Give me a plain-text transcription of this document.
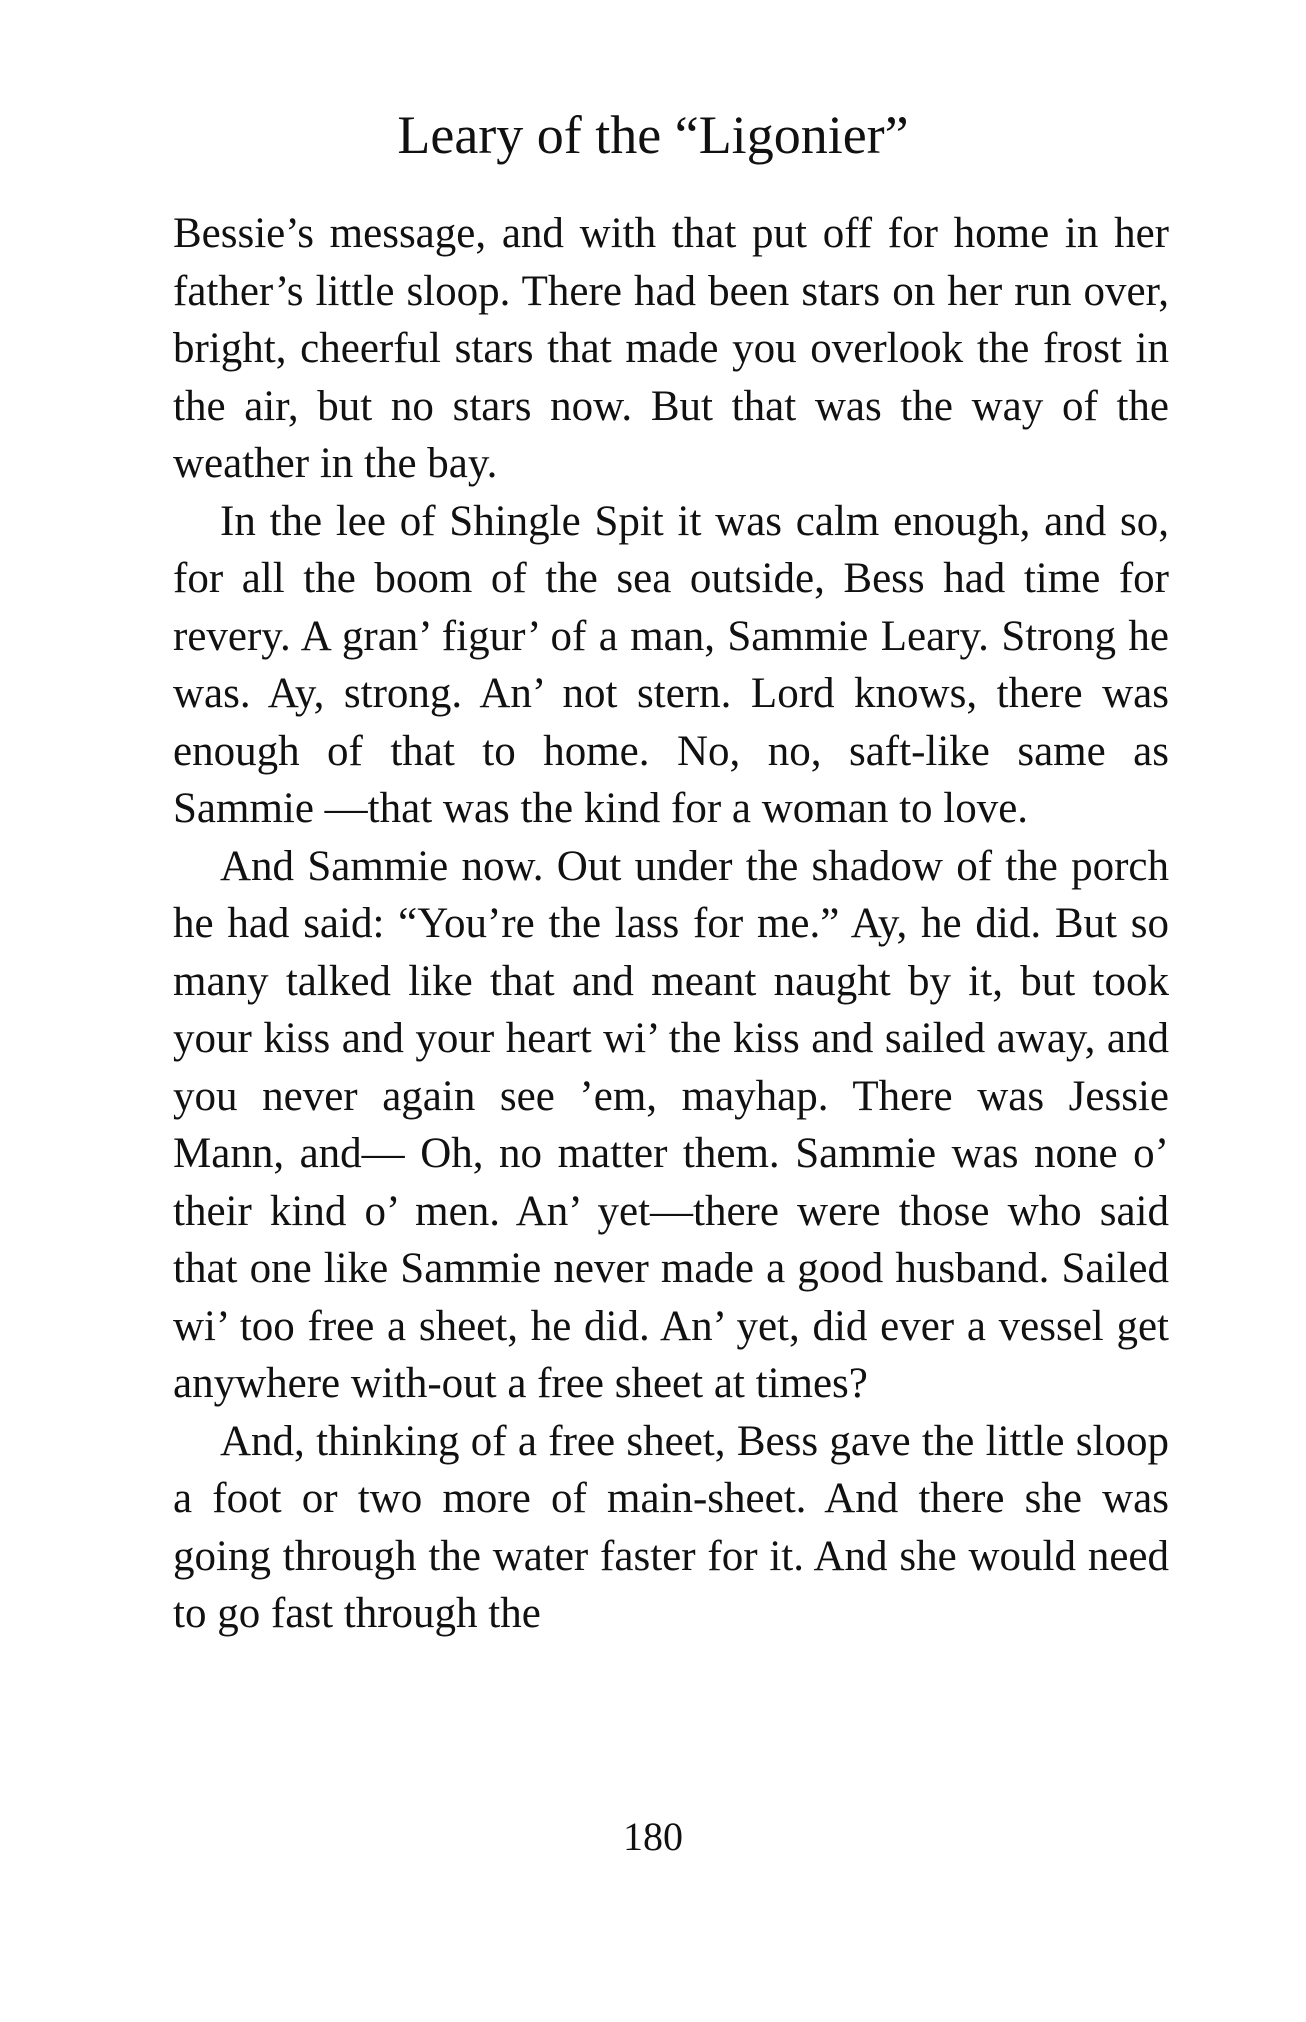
Leary of the “Ligonier”

Bessie’s message, and with that put off for home in her father’s little sloop. There had been stars on her run over, bright, cheerful stars that made you overlook the frost in the air, but no stars now. But that was the way of the weather in the bay.

In the lee of Shingle Spit it was calm enough, and so, for all the boom of the sea outside, Bess had time for revery. A gran’ figur’ of a man, Sammie Leary. Strong he was. Ay, strong. An’ not stern. Lord knows, there was enough of that to home. No, no, saft-like same as Sammie —that was the kind for a woman to love.

And Sammie now. Out under the shadow of the porch he had said: “You’re the lass for me.” Ay, he did. But so many talked like that and meant naught by it, but took your kiss and your heart wi’ the kiss and sailed away, and you never again see ’em, mayhap. There was Jessie Mann, and— Oh, no matter them. Sammie was none o’ their kind o’ men. An’ yet—there were those who said that one like Sammie never made a good husband. Sailed wi’ too free a sheet, he did. An’ yet, did ever a vessel get anywhere with-out a free sheet at times?

And, thinking of a free sheet, Bess gave the little sloop a foot or two more of main-sheet. And there she was going through the water faster for it. And she would need to go fast through the

180
